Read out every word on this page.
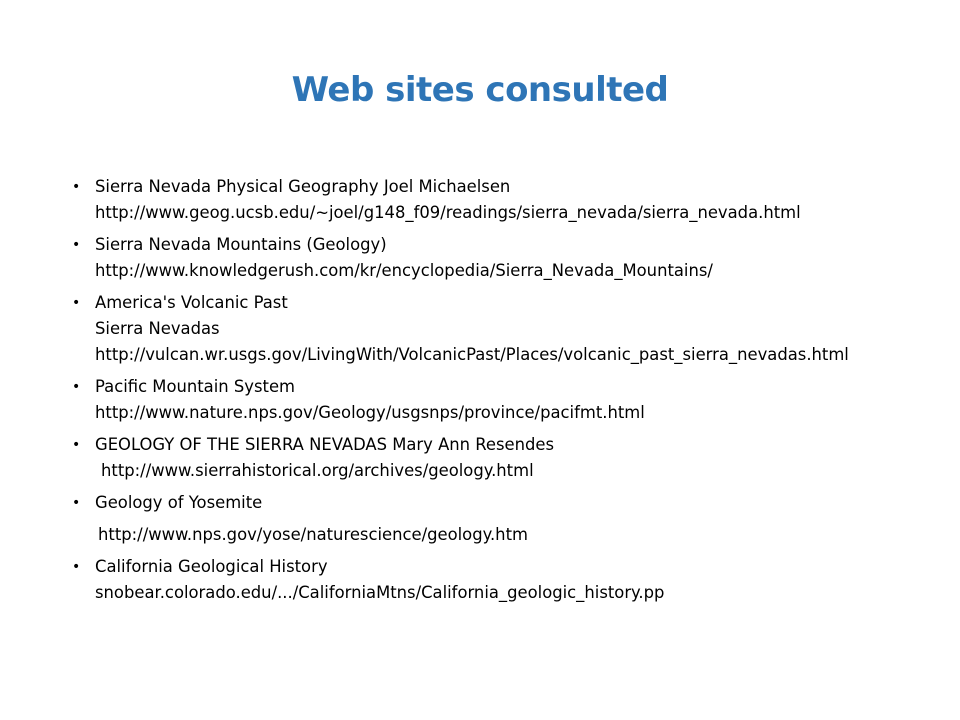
Web sites consulted
• Sierra Nevada Physical Geography Joel Michaelsen
http://www.geog.ucsb.edu/~joel/g148_f09/readings/sierra_nevada/sierra_nevada.html
• Sierra Nevada Mountains (Geology)
http://www.knowledgerush.com/kr/encyclopedia/Sierra_Nevada_Mountains/
• America's Volcanic Past
Sierra Nevadas
http://vulcan.wr.usgs.gov/LivingWith/VolcanicPast/Places/volcanic_past_sierra_nevadas.html
• Pacific Mountain System
http://www.nature.nps.gov/Geology/usgsnps/province/pacifmt.html
• GEOLOGY OF THE SIERRA NEVADAS Mary Ann Resendes
http://www.sierrahistorical.org/archives/geology.html
• Geology of Yosemite
http://www.nps.gov/yose/naturescience/geology.htm
• California Geological History
snobear.colorado.edu/.../CaliforniaMtns/California_geologic_history.pp
